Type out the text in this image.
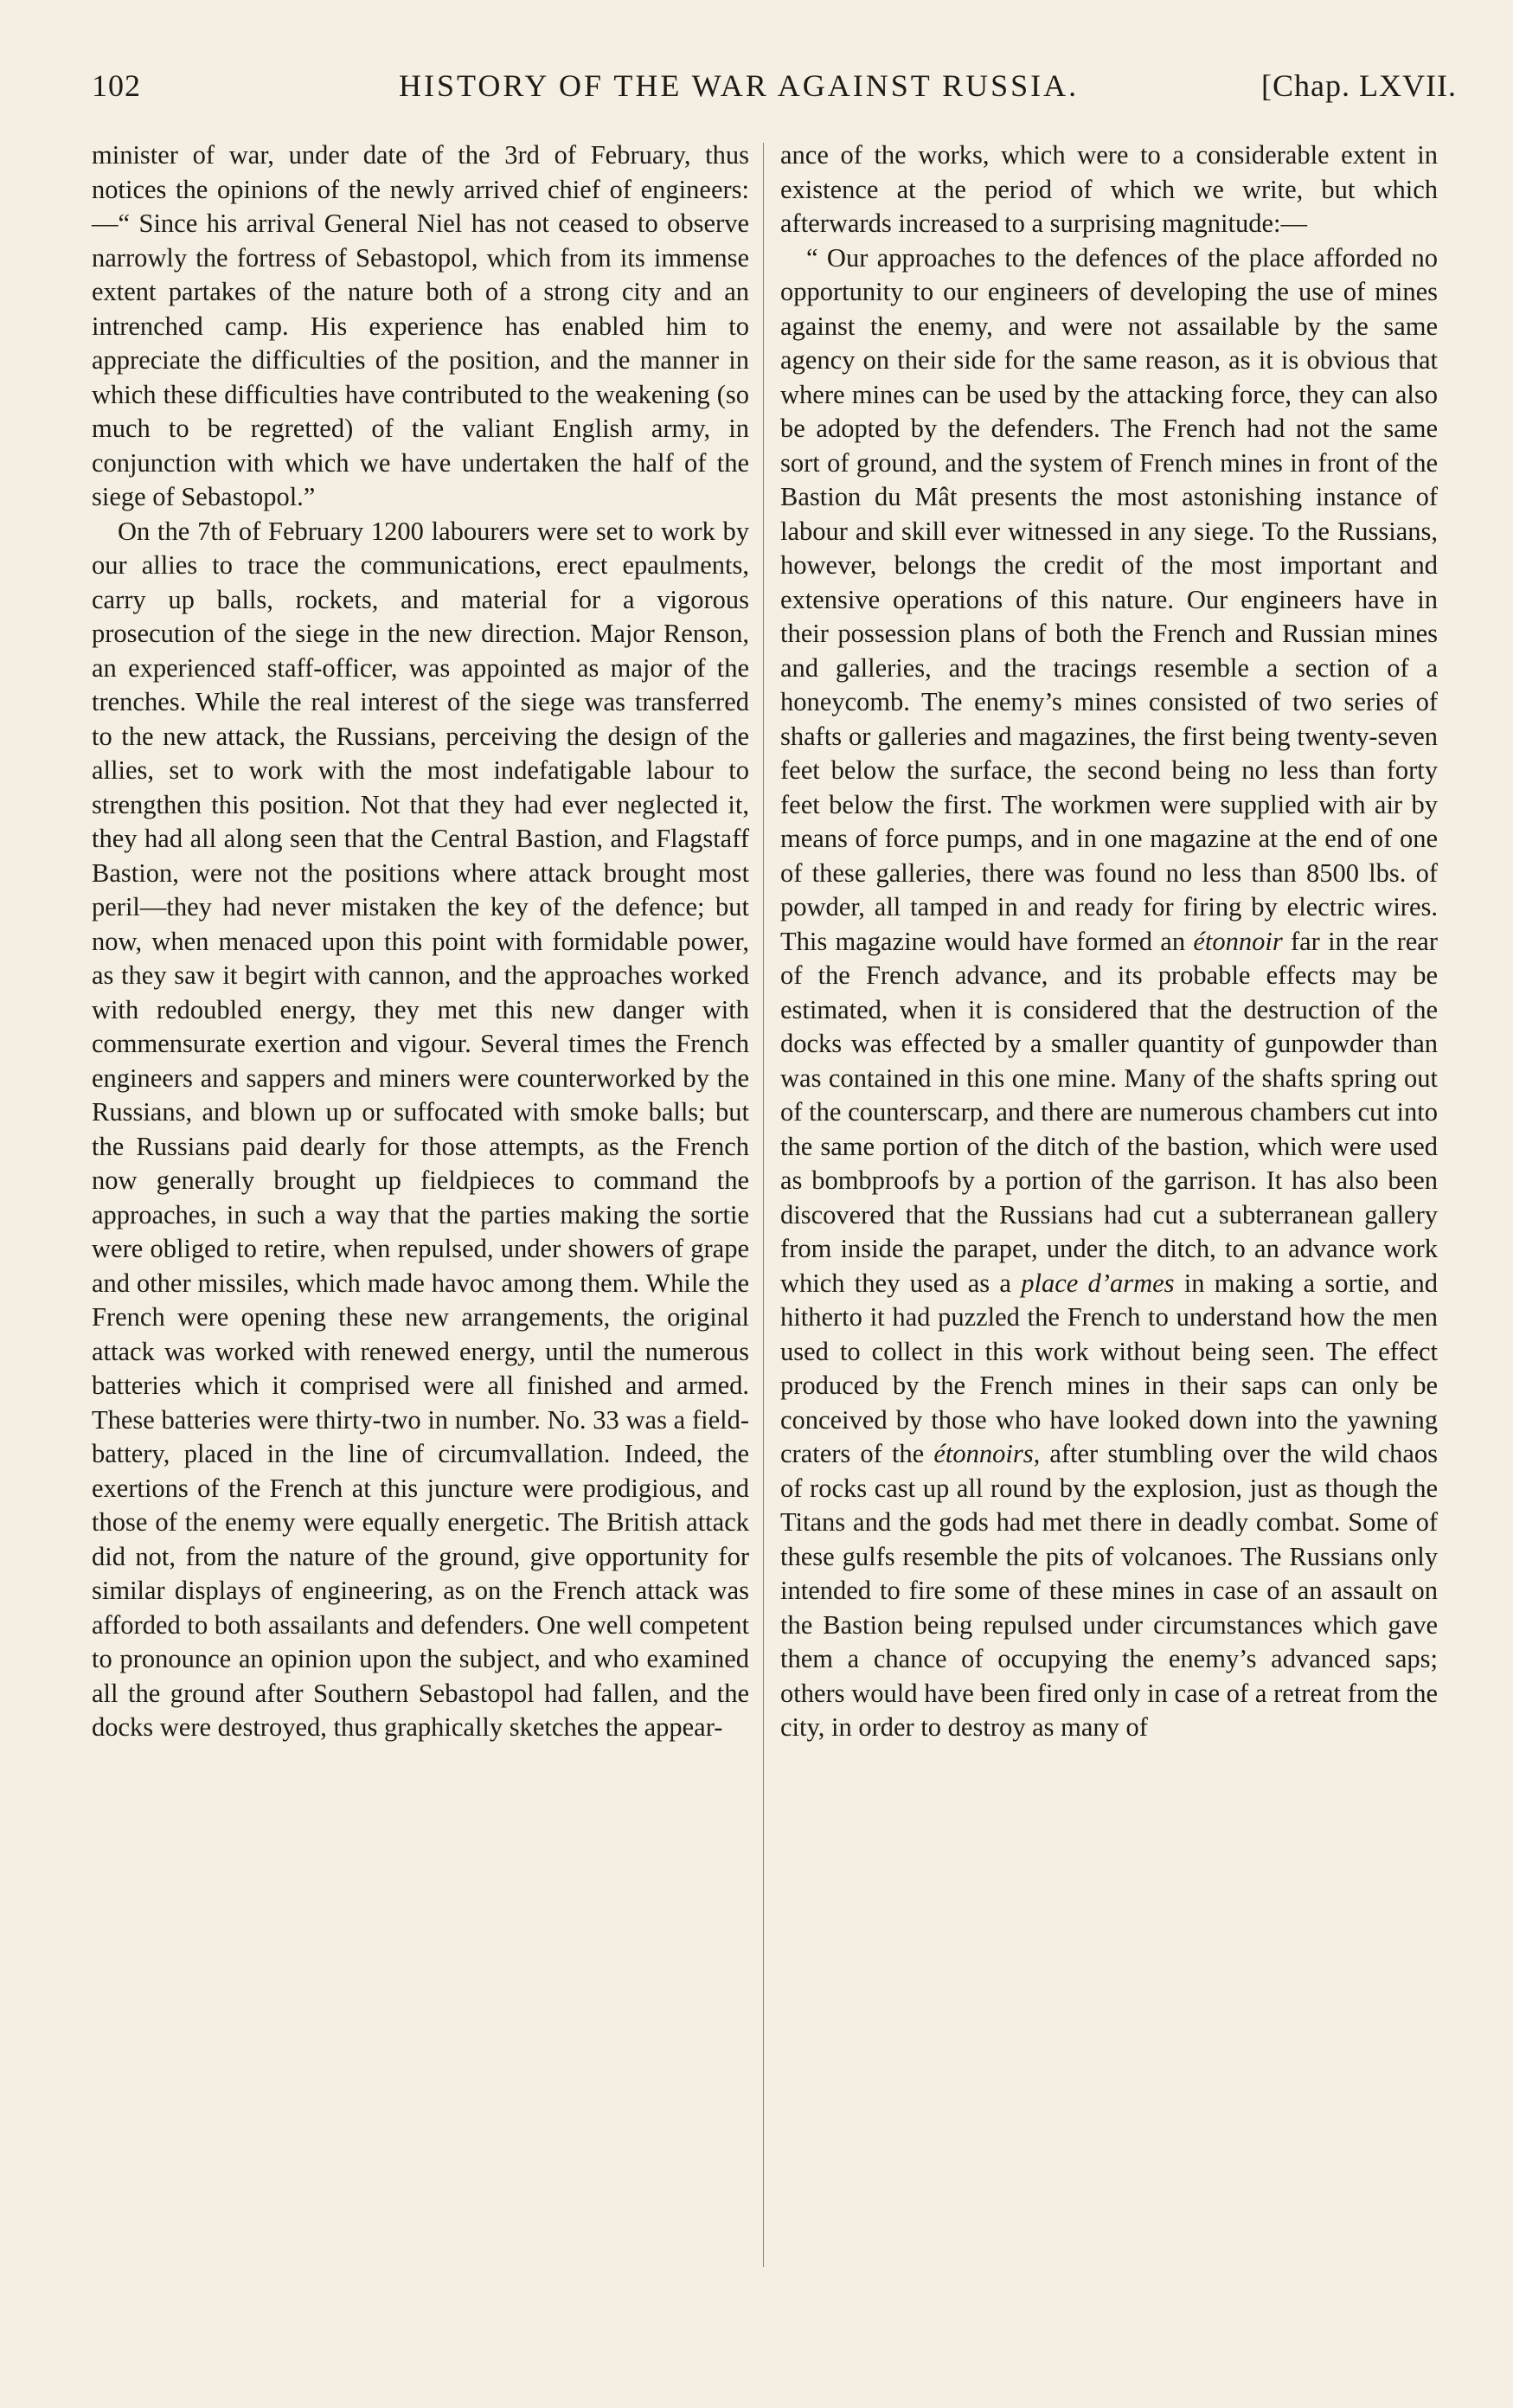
102	HISTORY OF THE WAR AGAINST RUSSIA.	[Chap. LXVII.

minister of war, under date of the 3rd of February, thus notices the opinions of the newly arrived chief of engineers:—“ Since his arrival General Niel has not ceased to observe narrowly the fortress of Sebastopol, which from its immense extent partakes of the nature both of a strong city and an intrenched camp. His experience has enabled him to appreciate the difficulties of the position, and the manner in which these difficulties have contributed to the weakening (so much to be regretted) of the valiant English army, in conjunction with which we have undertaken the half of the siege of Sebastopol.”

On the 7th of February 1200 labourers were set to work by our allies to trace the communications, erect epaulments, carry up balls, rockets, and material for a vigorous prosecution of the siege in the new direction. Major Renson, an experienced staff-officer, was appointed as major of the trenches. While the real interest of the siege was transferred to the new attack, the Russians, perceiving the design of the allies, set to work with the most indefatigable labour to strengthen this position. Not that they had ever neglected it, they had all along seen that the Central Bastion, and Flagstaff Bastion, were not the positions where attack brought most peril—they had never mistaken the key of the defence; but now, when menaced upon this point with formidable power, as they saw it begirt with cannon, and the approaches worked with redoubled energy, they met this new danger with commensurate exertion and vigour. Several times the French engineers and sappers and miners were counterworked by the Russians, and blown up or suffocated with smoke balls; but the Russians paid dearly for those attempts, as the French now generally brought up fieldpieces to command the approaches, in such a way that the parties making the sortie were obliged to retire, when repulsed, under showers of grape and other missiles, which made havoc among them. While the French were opening these new arrangements, the original attack was worked with renewed energy, until the numerous batteries which it comprised were all finished and armed. These batteries were thirty-two in number. No. 33 was a field-battery, placed in the line of circumvallation. Indeed, the exertions of the French at this juncture were prodigious, and those of the enemy were equally energetic. The British attack did not, from the nature of the ground, give opportunity for similar displays of engineering, as on the French attack was afforded to both assailants and defenders. One well competent to pronounce an opinion upon the subject, and who examined all the ground after Southern Sebastopol had fallen, and the docks were destroyed, thus graphically sketches the appear-

ance of the works, which were to a considerable extent in existence at the period of which we write, but which afterwards increased to a surprising magnitude:—

“ Our approaches to the defences of the place afforded no opportunity to our engineers of developing the use of mines against the enemy, and were not assailable by the same agency on their side for the same reason, as it is obvious that where mines can be used by the attacking force, they can also be adopted by the defenders. The French had not the same sort of ground, and the system of French mines in front of the Bastion du Mât presents the most astonishing instance of labour and skill ever witnessed in any siege. To the Russians, however, belongs the credit of the most important and extensive operations of this nature. Our engineers have in their possession plans of both the French and Russian mines and galleries, and the tracings resemble a section of a honeycomb. The enemy’s mines consisted of two series of shafts or galleries and magazines, the first being twenty-seven feet below the surface, the second being no less than forty feet below the first. The workmen were supplied with air by means of force pumps, and in one magazine at the end of one of these galleries, there was found no less than 8500 lbs. of powder, all tamped in and ready for firing by electric wires. This magazine would have formed an étonnoir far in the rear of the French advance, and its probable effects may be estimated, when it is considered that the destruction of the docks was effected by a smaller quantity of gunpowder than was contained in this one mine. Many of the shafts spring out of the counterscarp, and there are numerous chambers cut into the same portion of the ditch of the bastion, which were used as bombproofs by a portion of the garrison. It has also been discovered that the Russians had cut a subterranean gallery from inside the parapet, under the ditch, to an advance work which they used as a place d’armes in making a sortie, and hitherto it had puzzled the French to understand how the men used to collect in this work without being seen. The effect produced by the French mines in their saps can only be conceived by those who have looked down into the yawning craters of the étonnoirs, after stumbling over the wild chaos of rocks cast up all round by the explosion, just as though the Titans and the gods had met there in deadly combat. Some of these gulfs resemble the pits of volcanoes. The Russians only intended to fire some of these mines in case of an assault on the Bastion being repulsed under circumstances which gave them a chance of occupying the enemy’s advanced saps; others would have been fired only in case of a retreat from the city, in order to destroy as many of
